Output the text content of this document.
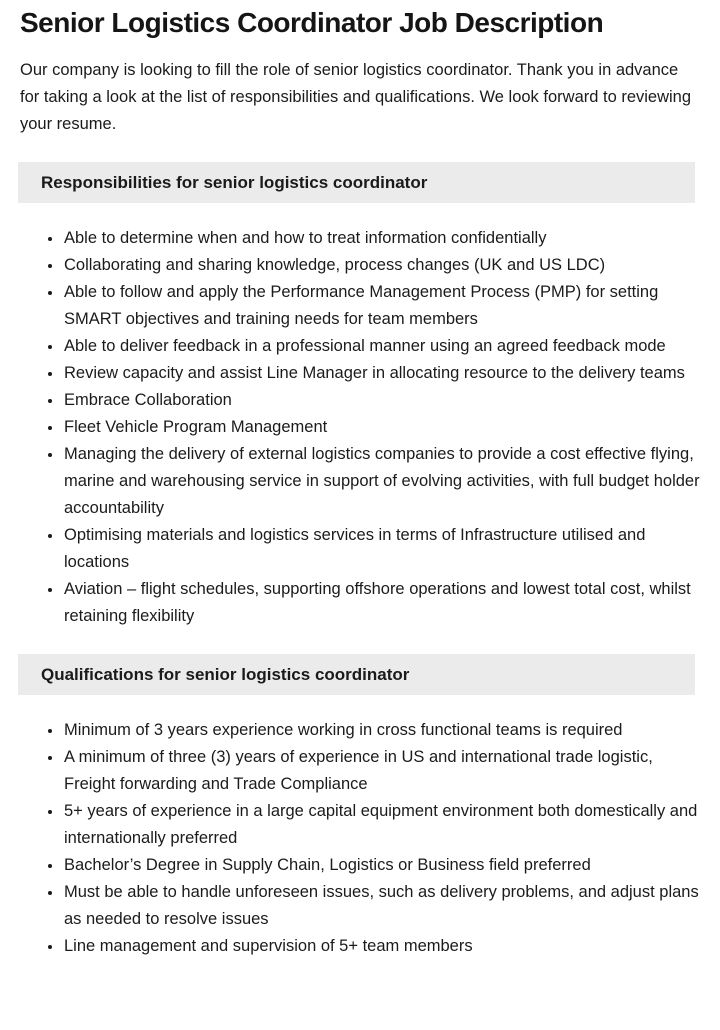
Senior Logistics Coordinator Job Description

Our company is looking to fill the role of senior logistics coordinator. Thank you in advance for taking a look at the list of responsibilities and qualifications. We look forward to reviewing your resume.

Responsibilities for senior logistics coordinator
• Able to determine when and how to treat information confidentially
• Collaborating and sharing knowledge, process changes (UK and US LDC)
• Able to follow and apply the Performance Management Process (PMP) for setting SMART objectives and training needs for team members
• Able to deliver feedback in a professional manner using an agreed feedback mode
• Review capacity and assist Line Manager in allocating resource to the delivery teams
• Embrace Collaboration
• Fleet Vehicle Program Management
• Managing the delivery of external logistics companies to provide a cost effective flying, marine and warehousing service in support of evolving activities, with full budget holder accountability
• Optimising materials and logistics services in terms of Infrastructure utilised and locations
• Aviation – flight schedules, supporting offshore operations and lowest total cost, whilst retaining flexibility
Qualifications for senior logistics coordinator
• Minimum of 3 years experience working in cross functional teams is required
• A minimum of three (3) years of experience in US and international trade logistic, Freight forwarding and Trade Compliance
• 5+ years of experience in a large capital equipment environment both domestically and internationally preferred
• Bachelor’s Degree in Supply Chain, Logistics or Business field preferred
• Must be able to handle unforeseen issues, such as delivery problems, and adjust plans as needed to resolve issues
• Line management and supervision of 5+ team members
